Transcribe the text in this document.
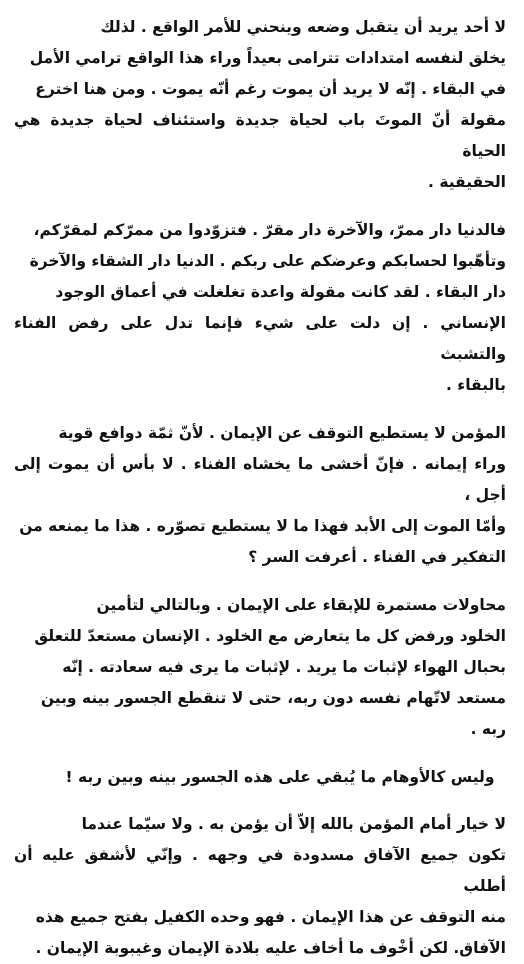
لا أحد يريد أن يتقبل وضعه وينحني للأمر الواقع . لذلك
يخلق لنفسه امتدادات تترامى بعيداً وراء هذا الواقع ترامي الأمل
في البقاء . إنّه لا يريد أن يموت رغم أنّه يموت . ومن هنا اخترع
مقولة أنّ الموتَ باب لحياة جديدة واستئناف لحياة جديدة هي الحياة
الحقيقية .

فالدنيا دار ممرّ، والآخرة دار مقرّ . فتزوّدوا من ممرّكم لمقرّكم،
وتأهّبوا لحسابكم وعرضكم على ربكم . الدنيا دار الشقاء والآخرة
دار البقاء . لقد كانت مقولة واعدة تغلغلت في أعماق الوجود
الإنساني . إن دلت على شيء فإنما تدل على رفض الفناء والتشبث
بالبقاء .

المؤمن لا يستطيع التوقف عن الإيمان . لأنّ ثمّة دوافع قوية
وراء إيمانه . فإنّ أخشى ما يخشاه الفناء . لا بأس أن يموت إلى أجل ،
وأمّا الموت إلى الأبد فهذا ما لا يستطيع تصوّره . هذا ما يمنعه من
التفكير في الفناء . أعرفت السر ؟

محاولات مستمرة للإبقاء على الإيمان . وبالتالي لتأمين
الخلود ورفض كل ما يتعارض مع الخلود . الإنسان مستعدّ للتعلق
بحبال الهواء لإثبات ما يريد . لإثبات ما يرى فيه سعادته . إنّه
مستعد لاتّهام نفسه دون ربه، حتى لا تنقطع الجسور بينه وبين
ربه .

وليس كالأوهام ما يُبقي على هذه الجسور بينه وبين ربه !

لا خيار أمام المؤمن بالله إلاّ أن يؤمن به . ولا سيّما عندما
تكون جميع الآفاق مسدودة في وجهه . وإنّي لأشفق عليه أن أطلب
منه التوقف عن هذا الإيمان . فهو وحده الكفيل بفتح جميع هذه
الآفاق. لكن أخْوف ما أخاف عليه بلادة الإيمان وغيبوبة الإيمان .
